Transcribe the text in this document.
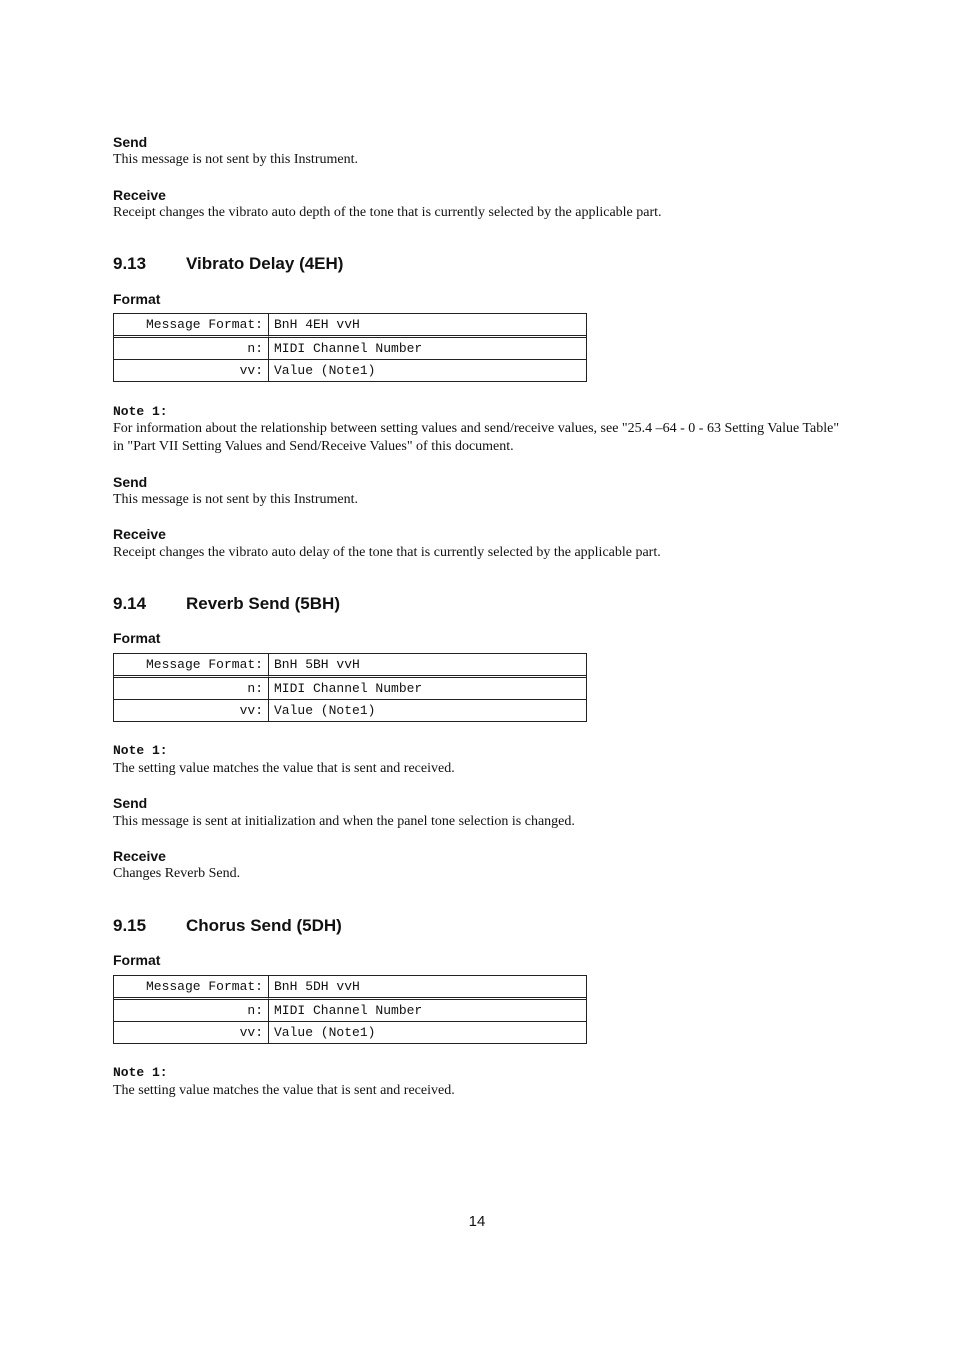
Send

This message is not sent by this Instrument.

Receive

Receipt changes the vibrato auto depth of the tone that is currently selected by the applicable part.

9.13 Vibrato Delay (4EH)

Format

Message Format:	BnH 4EH vvH
n:	MIDI Channel Number
vv:	Value (Note1)

Note 1:

For information about the relationship between setting values and send/receive values, see "25.4 –64 - 0 - 63 Setting Value Table" in "Part VII Setting Values and Send/Receive Values" of this document.

Send

This message is not sent by this Instrument.

Receive

Receipt changes the vibrato auto delay of the tone that is currently selected by the applicable part.

9.14 Reverb Send (5BH)

Format

Message Format:	BnH 5BH vvH
n:	MIDI Channel Number
vv:	Value (Note1)

Note 1:

The setting value matches the value that is sent and received.

Send

This message is sent at initialization and when the panel tone selection is changed.

Receive

Changes Reverb Send.

9.15 Chorus Send (5DH)

Format

Message Format:	BnH 5DH vvH
n:	MIDI Channel Number
vv:	Value (Note1)

Note 1:

The setting value matches the value that is sent and received.

14
